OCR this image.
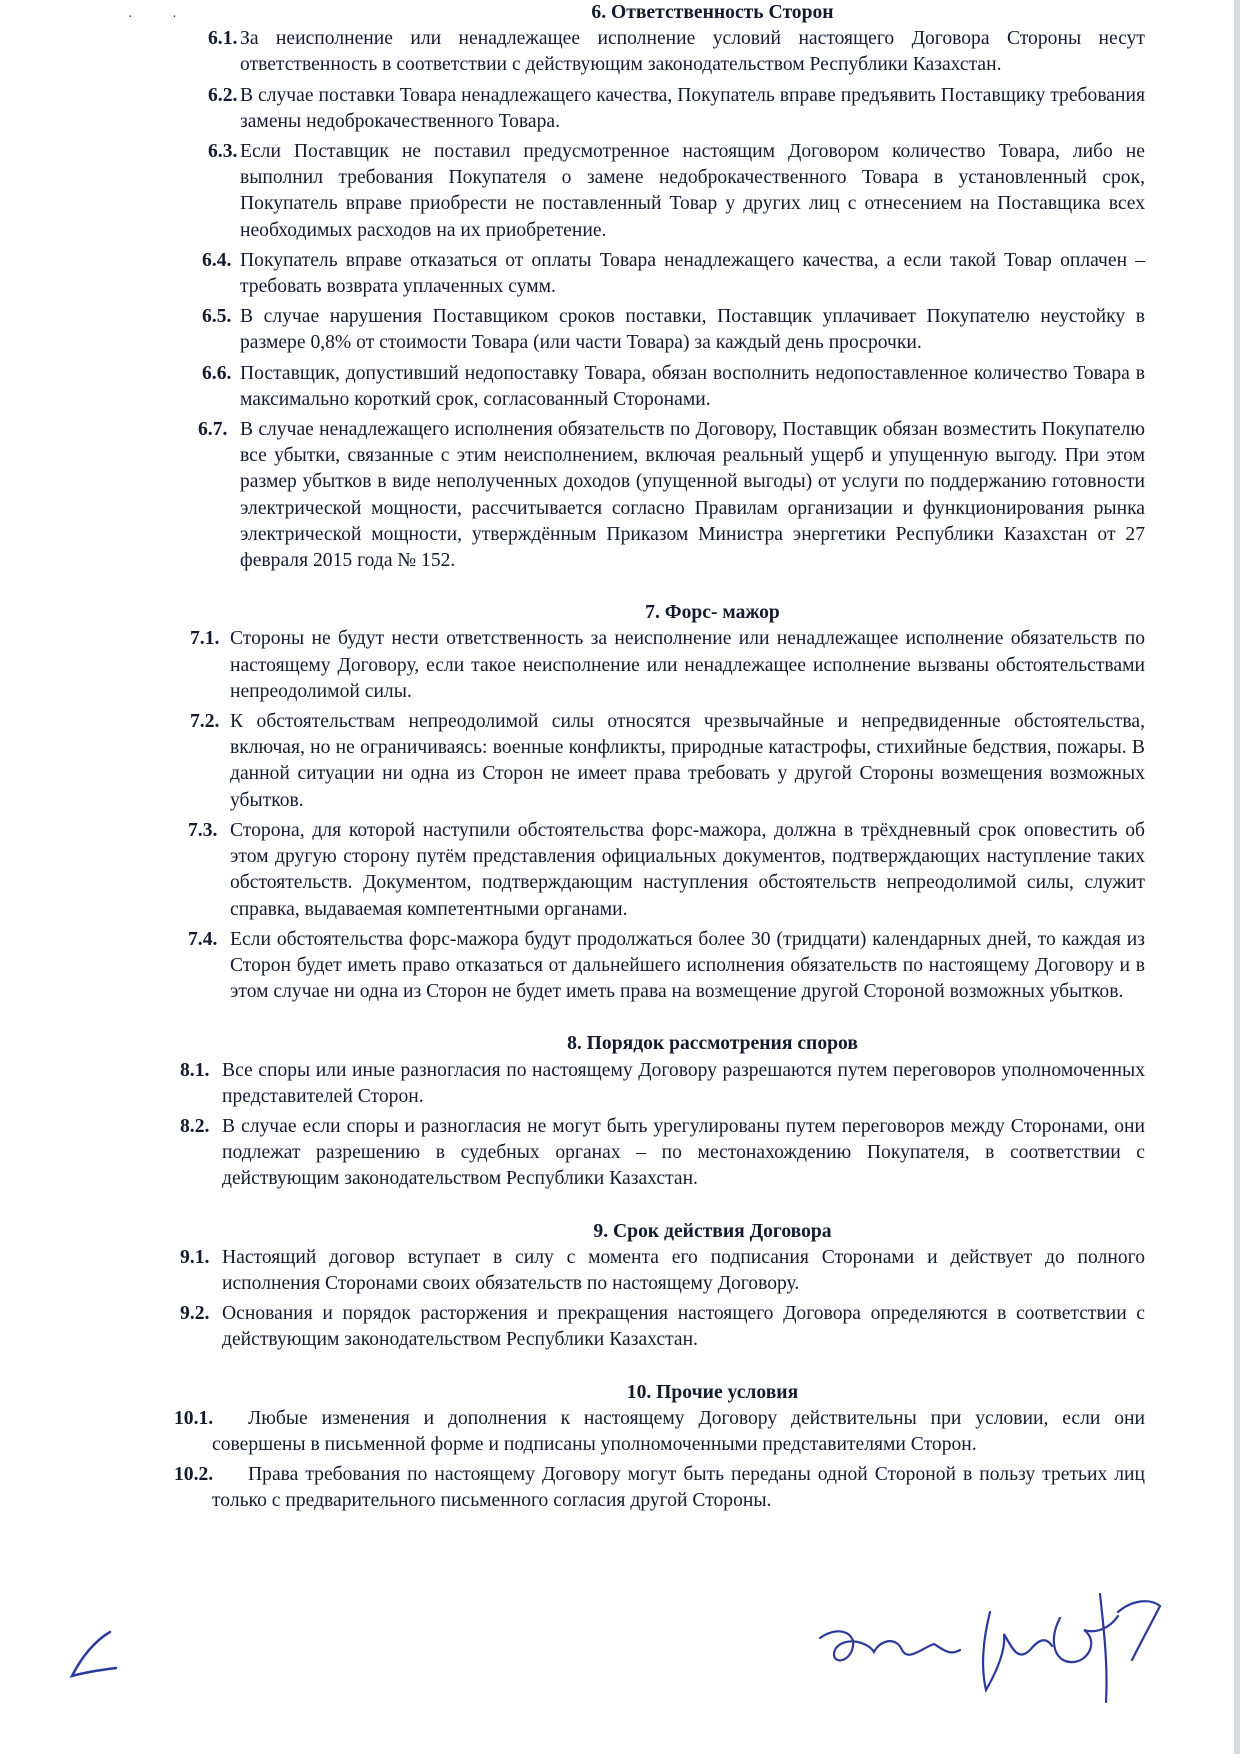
· ·	6. Ответственность Сторон

6.1. За неисполнение или ненадлежащее исполнение условий настоящего Договора Стороны несут ответственность в соответствии с действующим законодательством Республики Казахстан.

6.2. В случае поставки Товара ненадлежащего качества, Покупатель вправе предъявить Поставщику требования замены недоброкачественного Товара.

6.3. Если Поставщик не поставил предусмотренное настоящим Договором количество Товара, либо не выполнил требования Покупателя о замене недоброкачественного Товара в установленный срок, Покупатель вправе приобрести не поставленный Товар у других лиц с отнесением на Поставщика всех необходимых расходов на их приобретение.

6.4. Покупатель вправе отказаться от оплаты Товара ненадлежащего качества, а если такой Товар оплачен – требовать возврата уплаченных сумм.

6.5. В случае нарушения Поставщиком сроков поставки, Поставщик уплачивает Покупателю неустойку в размере 0,8% от стоимости Товара (или части Товара) за каждый день просрочки.

6.6. Поставщик, допустивший недопоставку Товара, обязан восполнить недопоставленное количество Товара в максимально короткий срок, согласованный Сторонами.

6.7. В случае ненадлежащего исполнения обязательств по Договору, Поставщик обязан возместить Покупателю все убытки, связанные с этим неисполнением, включая реальный ущерб и упущенную выгоду. При этом размер убытков в виде неполученных доходов (упущенной выгоды) от услуги по поддержанию готовности электрической мощности, рассчитывается согласно Правилам организации и функционирования рынка электрической мощности, утверждённым Приказом Министра энергетики Республики Казахстан от 27 февраля 2015 года № 152.

7. Форс- мажор

7.1. Стороны не будут нести ответственность за неисполнение или ненадлежащее исполнение обязательств по настоящему Договору, если такое неисполнение или ненадлежащее исполнение вызваны обстоятельствами непреодолимой силы.

7.2. К обстоятельствам непреодолимой силы относятся чрезвычайные и непредвиденные обстоятельства, включая, но не ограничиваясь: военные конфликты, природные катастрофы, стихийные бедствия, пожары. В данной ситуации ни одна из Сторон не имеет права требовать у другой Стороны возмещения возможных убытков.

7.3. Сторона, для которой наступили обстоятельства форс-мажора, должна в трёхдневный срок оповестить об этом другую сторону путём представления официальных документов, подтверждающих наступление таких обстоятельств. Документом, подтверждающим наступления обстоятельств непреодолимой силы, служит справка, выдаваемая компетентными органами.

7.4. Если обстоятельства форс-мажора будут продолжаться более 30 (тридцати) календарных дней, то каждая из Сторон будет иметь право отказаться от дальнейшего исполнения обязательств по настоящему Договору и в этом случае ни одна из Сторон не будет иметь права на возмещение другой Стороной возможных убытков.

8. Порядок рассмотрения споров

8.1. Все споры или иные разногласия по настоящему Договору разрешаются путем переговоров уполномоченных представителей Сторон.

8.2. В случае если споры и разногласия не могут быть урегулированы путем переговоров между Сторонами, они подлежат разрешению в судебных органах – по местонахождению Покупателя, в соответствии с действующим законодательством Республики Казахстан.

9. Срок действия Договора

9.1. Настоящий договор вступает в силу с момента его подписания Сторонами и действует до полного исполнения Сторонами своих обязательств по настоящему Договору.

9.2. Основания и порядок расторжения и прекращения настоящего Договора определяются в соответствии с действующим законодательством Республики Казахстан.

10. Прочие условия

10.1.	Любые изменения и дополнения к настоящему Договору действительны при условии, если они совершены в письменной форме и подписаны уполномоченными представителями Сторон.

10.2.	Права требования по настоящему Договору могут быть переданы одной Стороной в пользу третьих лиц только с предварительного письменного согласия другой Стороны.
